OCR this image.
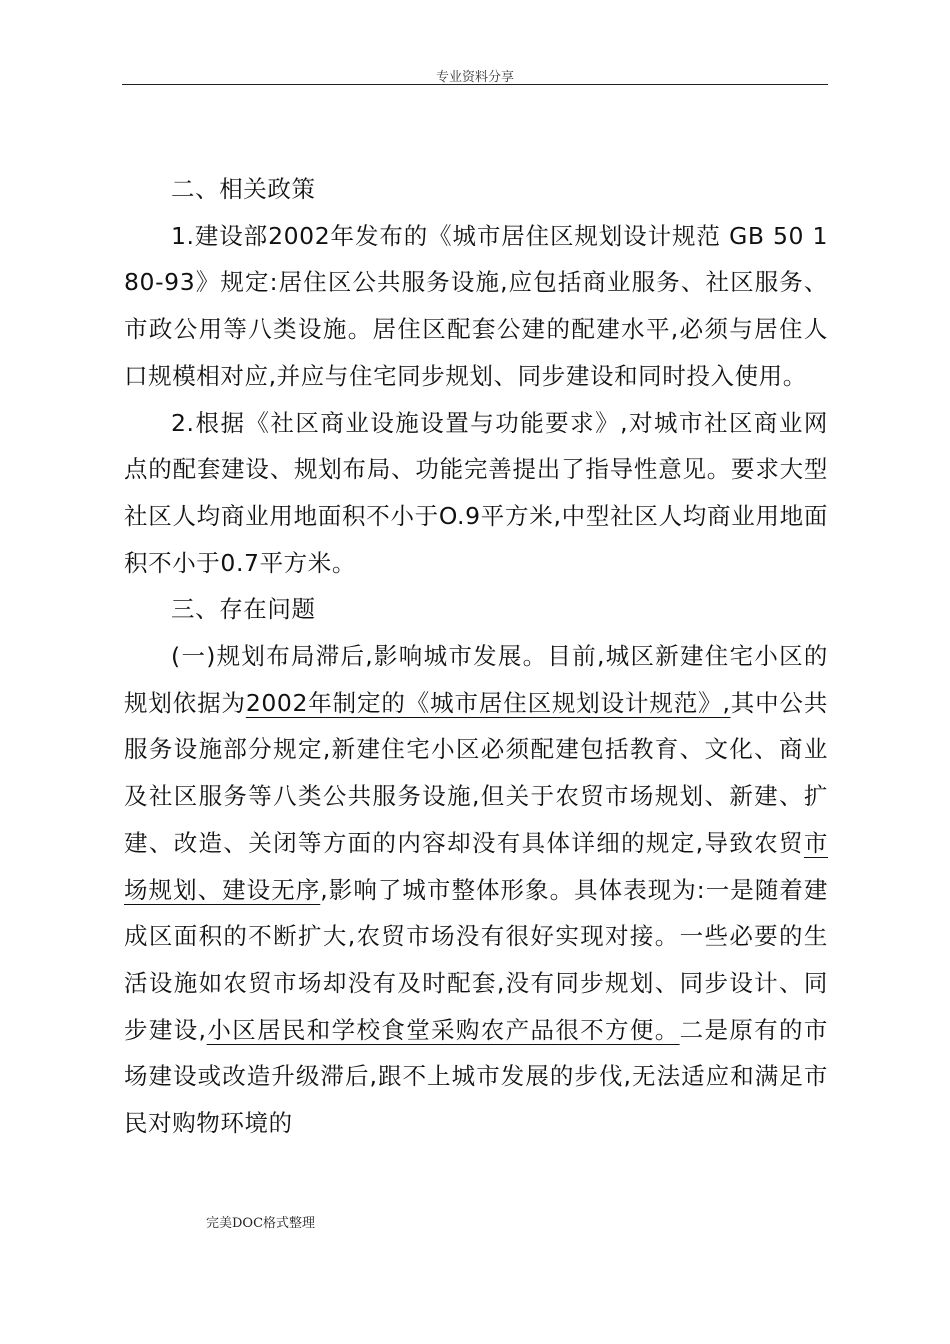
专业资料分享

二、相关政策

1.建设部2002年发布的《城市居住区规划设计规范 GB 50 1 80-93》规定:居住区公共服务设施,应包括商业服务、社区服务、市政公用等八类设施。居住区配套公建的配建水平,必须与居住人口规模相对应,并应与住宅同步规划、同步建设和同时投入使用。

2.根据《社区商业设施设置与功能要求》,对城市社区商业网点的配套建设、规划布局、功能完善提出了指导性意见。要求大型社区人均商业用地面积不小于O.9平方米,中型社区人均商业用地面积不小于0.7平方米。

三、存在问题

(一)规划布局滞后,影响城市发展。目前,城区新建住宅小区的规划依据为2002年制定的《城市居住区规划设计规范》,其中公共服务设施部分规定,新建住宅小区必须配建包括教育、文化、商业及社区服务等八类公共服务设施,但关于农贸市场规划、新建、扩建、改造、关闭等方面的内容却没有具体详细的规定,导致农贸市场规划、建设无序,影响了城市整体形象。具体表现为:一是随着建成区面积的不断扩大,农贸市场没有很好实现对接。一些必要的生活设施如农贸市场却没有及时配套,没有同步规划、同步设计、同步建设,小区居民和学校食堂采购农产品很不方便。二是原有的市场建设或改造升级滞后,跟不上城市发展的步伐,无法适应和满足市民对购物环境的

完美DOC格式整理
